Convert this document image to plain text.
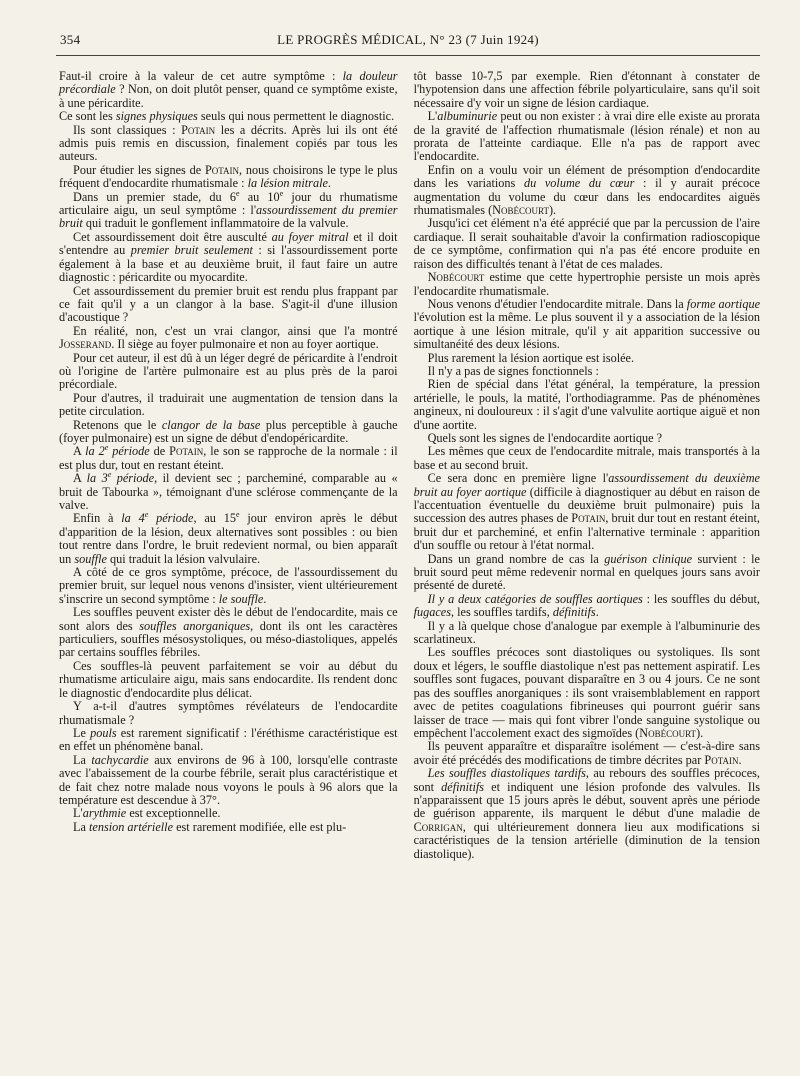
354	LE PROGRÈS MÉDICAL, N° 23 (7 Juin 1924)

Faut-il croire à la valeur de cet autre symptôme : la douleur précordiale ? Non, on doit plutôt penser, quand ce symptôme existe, à une péricardite.

Ce sont les signes physiques seuls qui nous permettent le diagnostic.

Ils sont classiques : Potain les a décrits. Après lui ils ont été admis puis remis en discussion, finalement copiés par tous les auteurs.

Pour étudier les signes de Potain, nous choisirons le type le plus fréquent d'endocardite rhumatismale : la lésion mitrale.

Dans un premier stade, du 6e au 10e jour du rhumatisme articulaire aigu, un seul symptôme : l'assourdissement du premier bruit qui traduit le gonflement inflammatoire de la valvule.

Cet assourdissement doit être ausculté au foyer mitral et il doit s'entendre au premier bruit seulement : si l'assourdissement porte également à la base et au deuxième bruit, il faut faire un autre diagnostic : péricardite ou myocardite.

Cet assourdissement du premier bruit est rendu plus frappant par ce fait qu'il y a un clangor à la base. S'agit-il d'une illusion d'acoustique ?

En réalité, non, c'est un vrai clangor, ainsi que l'a montré Josserand. Il siège au foyer pulmonaire et non au foyer aortique.

Pour cet auteur, il est dû à un léger degré de péricardite à l'endroit où l'origine de l'artère pulmonaire est au plus près de la paroi précordiale.

Pour d'autres, il traduirait une augmentation de tension dans la petite circulation.

Retenons que le clangor de la base plus perceptible à gauche (foyer pulmonaire) est un signe de début d'endopéricardite.

A la 2e période de Potain, le son se rapproche de la normale : il est plus dur, tout en restant éteint.

A la 3e période, il devient sec ; parcheminé, comparable au « bruit de Tabourka », témoignant d'une sclérose commençante de la valve.

Enfin à la 4e période, au 15e jour environ après le début d'apparition de la lésion, deux alternatives sont possibles : ou bien tout rentre dans l'ordre, le bruit redevient normal, ou bien apparaît un souffle qui traduit la lésion valvulaire.

A côté de ce gros symptôme, précoce, de l'assourdissement du premier bruit, sur lequel nous venons d'insister, vient ultérieurement s'inscrire un second symptôme : le souffle.

Les souffles peuvent exister dès le début de l'endocardite, mais ce sont alors des souffles anorganiques, dont ils ont les caractères particuliers, souffles mésosystoliques, ou méso-diastoliques, appelés par certains souffles fébriles.

Ces souffles-là peuvent parfaitement se voir au début du rhumatisme articulaire aigu, mais sans endocardite. Ils rendent donc le diagnostic d'endocardite plus délicat.

Y a-t-il d'autres symptômes révélateurs de l'endocardite rhumatismale ?

Le pouls est rarement significatif : l'éréthisme caractéristique est en effet un phénomène banal.

La tachycardie aux environs de 96 à 100, lorsqu'elle contraste avec l'abaissement de la courbe fébrile, serait plus caractéristique et de fait chez notre malade nous voyons le pouls à 96 alors que la température est descendue à 37°.

L'arythmie est exceptionnelle.

La tension artérielle est rarement modifiée, elle est plu-

tôt basse 10-7,5 par exemple. Rien d'étonnant à constater de l'hypotension dans une affection fébrile polyarticulaire, sans qu'il soit nécessaire d'y voir un signe de lésion cardiaque.

L'albuminurie peut ou non exister : à vrai dire elle existe au prorata de la gravité de l'affection rhumatismale (lésion rénale) et non au prorata de l'atteinte cardiaque. Elle n'a pas de rapport avec l'endocardite.

Enfin on a voulu voir un élément de présomption d'endocardite dans les variations du volume du cœur : il y aurait précoce augmentation du volume du cœur dans les endocardites aiguës rhumatismales (Nobécourt).

Jusqu'ici cet élément n'a été apprécié que par la percussion de l'aire cardiaque. Il serait souhaitable d'avoir la confirmation radioscopique de ce symptôme, confirmation qui n'a pas été encore produite en raison des difficultés tenant à l'état de ces malades.

Nobécourt estime que cette hypertrophie persiste un mois après l'endocardite rhumatismale.

Nous venons d'étudier l'endocardite mitrale. Dans la forme aortique l'évolution est la même. Le plus souvent il y a association de la lésion aortique à une lésion mitrale, qu'il y ait apparition successive ou simultanéité des deux lésions.

Plus rarement la lésion aortique est isolée.

Il n'y a pas de signes fonctionnels :

Rien de spécial dans l'état général, la température, la pression artérielle, le pouls, la matité, l'orthodiagramme. Pas de phénomènes angineux, ni douloureux : il s'agit d'une valvulite aortique aiguë et non d'une aortite.

Quels sont les signes de l'endocardite aortique ?

Les mêmes que ceux de l'endocardite mitrale, mais transportés à la base et au second bruit.

Ce sera donc en première ligne l'assourdissement du deuxième bruit au foyer aortique (difficile à diagnostiquer au début en raison de l'accentuation éventuelle du deuxième bruit pulmonaire) puis la succession des autres phases de Potain, bruit dur tout en restant éteint, bruit dur et parcheminé, et enfin l'alternative terminale : apparition d'un souffle ou retour à l'état normal.

Dans un grand nombre de cas la guérison clinique survient : le bruit sourd peut même redevenir normal en quelques jours sans avoir présenté de dureté.

Il y a deux catégories de souffles aortiques : les souffles du début, fugaces, les souffles tardifs, définitifs.

Il y a là quelque chose d'analogue par exemple à l'albuminurie des scarlatineux.

Les souffles précoces sont diastoliques ou systoliques. Ils sont doux et légers, le souffle diastolique n'est pas nettement aspiratif. Les souffles sont fugaces, pouvant disparaître en 3 ou 4 jours. Ce ne sont pas des souffles anorganiques : ils sont vraisemblablement en rapport avec de petites coagulations fibrineuses qui pourront guérir sans laisser de trace — mais qui font vibrer l'onde sanguine systolique ou empêchent l'accolement exact des sigmoïdes (Nobécourt).

Ils peuvent apparaître et disparaître isolément — c'est-à-dire sans avoir été précédés des modifications de timbre décrites par Potain.

Les souffles diastoliques tardifs, au rebours des souffles précoces, sont définitifs et indiquent une lésion profonde des valvules. Ils n'apparaissent que 15 jours après le début, souvent après une période de guérison apparente, ils marquent le début d'une maladie de Corrigan, qui ultérieurement donnera lieu aux modifications si caractéristiques de la tension artérielle (diminution de la tension diastolique).
